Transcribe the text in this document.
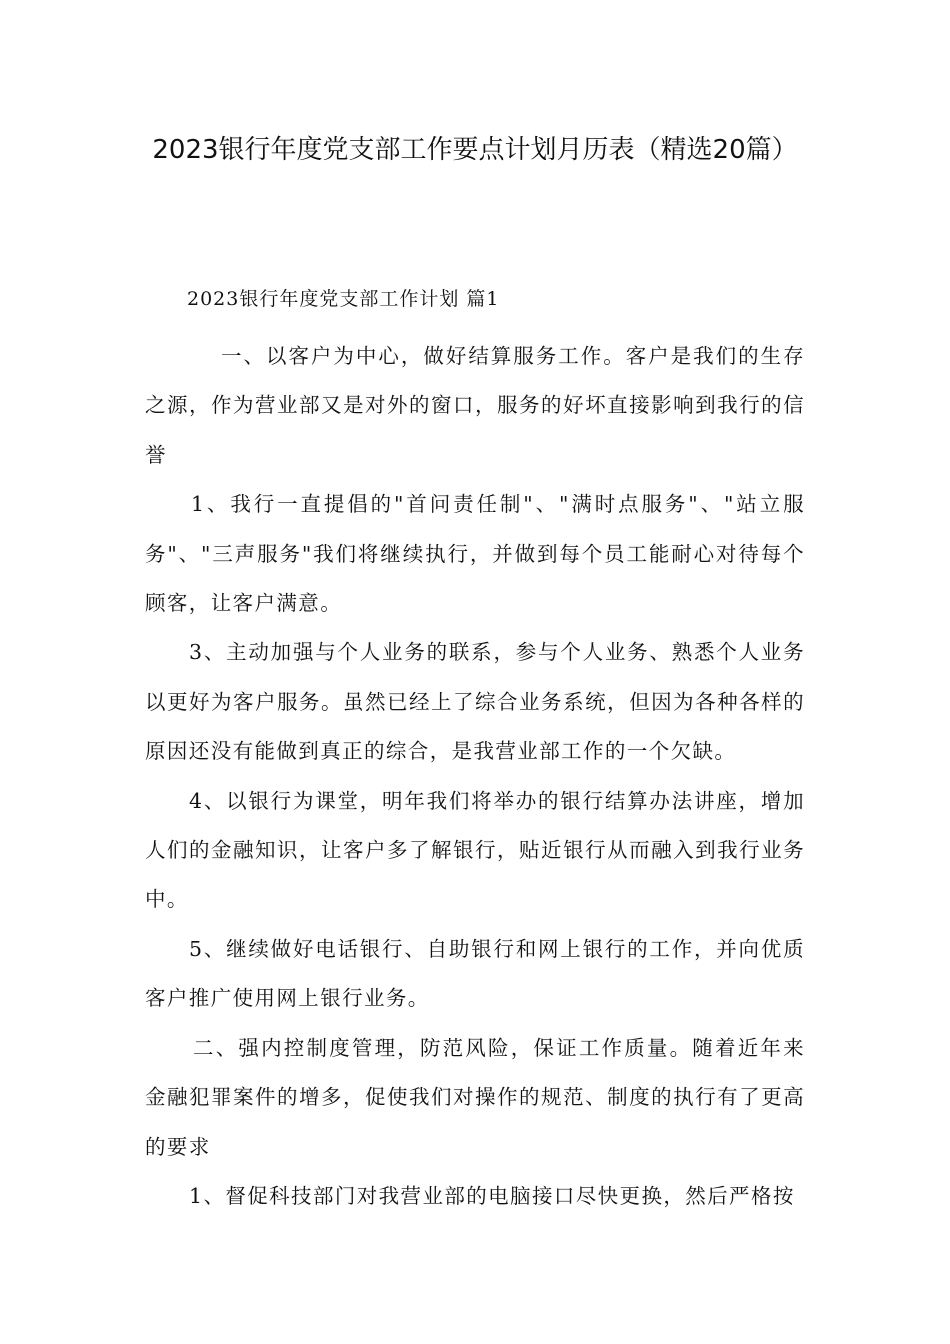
2023银行年度党支部工作要点计划月历表（精选20篇）

2023银行年度党支部工作计划 篇1

一、以客户为中心，做好结算服务工作。客户是我们的生存之源，作为营业部又是对外的窗口，服务的好坏直接影响到我行的信誉

1、我行一直提倡的"首问责任制"、"满时点服务"、"站立服务"、"三声服务"我们将继续执行，并做到每个员工能耐心对待每个顾客，让客户满意。

3、主动加强与个人业务的联系，参与个人业务、熟悉个人业务以更好为客户服务。虽然已经上了综合业务系统，但因为各种各样的原因还没有能做到真正的综合，是我营业部工作的一个欠缺。

4、以银行为课堂，明年我们将举办的银行结算办法讲座，增加人们的金融知识，让客户多了解银行，贴近银行从而融入到我行业务中。

5、继续做好电话银行、自助银行和网上银行的工作，并向优质客户推广使用网上银行业务。

二、强内控制度管理，防范风险，保证工作质量。随着近年来金融犯罪案件的增多，促使我们对操作的规范、制度的执行有了更高的要求

1、督促科技部门对我营业部的电脑接口尽快更换，然后严格按
